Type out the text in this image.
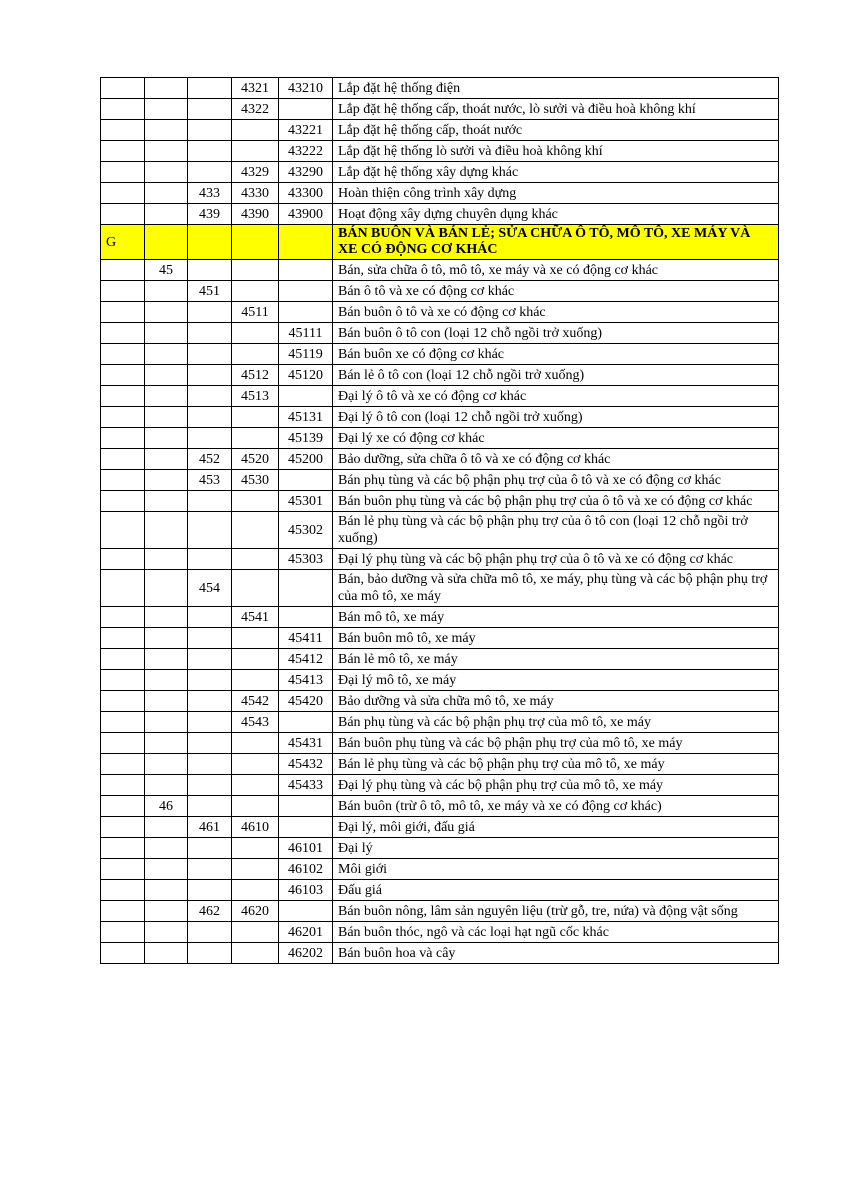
			4321	43210	Lắp đặt hệ thống điện
			4322		Lắp đặt hệ thống cấp, thoát nước, lò sưởi và điều hoà không khí
				43221	Lắp đặt hệ thống cấp, thoát nước
				43222	Lắp đặt hệ thống lò sưởi và điều hoà không khí
			4329	43290	Lắp đặt hệ thống xây dựng khác
		433	4330	43300	Hoàn thiện công trình xây dựng
		439	4390	43900	Hoạt động xây dựng chuyên dụng khác
G					BÁN BUÔN VÀ BÁN LẺ; SỬA CHỮA Ô TÔ, MÔ TÔ, XE MÁY VÀ XE CÓ ĐỘNG CƠ KHÁC
	45				Bán, sửa chữa ô tô, mô tô, xe máy và xe có động cơ khác
		451			Bán ô tô và xe có động cơ khác
			4511		Bán buôn ô tô và xe có động cơ khác
				45111	Bán buôn ô tô con (loại 12 chỗ ngồi trở xuống)
				45119	Bán buôn xe có động cơ khác
			4512	45120	Bán lẻ ô tô con (loại 12 chỗ ngồi trở xuống)
			4513		Đại lý ô tô và xe có động cơ khác
				45131	Đại lý ô tô con (loại 12 chỗ ngồi trở xuống)
				45139	Đại lý xe có động cơ khác
		452	4520	45200	Bảo dưỡng, sửa chữa ô tô và xe có động cơ khác
		453	4530		Bán phụ tùng và các bộ phận phụ trợ của ô tô và xe có động cơ khác
				45301	Bán buôn phụ tùng và các bộ phận phụ trợ của ô tô và xe có động cơ khác
				45302	Bán lẻ phụ tùng và các bộ phận phụ trợ của ô tô con (loại 12 chỗ ngồi trở xuống)
				45303	Đại lý phụ tùng và các bộ phận phụ trợ của ô tô và xe có động cơ khác
		454			Bán, bảo dưỡng và sửa chữa mô tô, xe máy, phụ tùng và các bộ phận phụ trợ của mô tô, xe máy
			4541		Bán mô tô, xe máy
				45411	Bán buôn mô tô, xe máy
				45412	Bán lẻ mô tô, xe máy
				45413	Đại lý mô tô, xe máy
			4542	45420	Bảo dưỡng và sửa chữa mô tô, xe máy
			4543		Bán phụ tùng và các bộ phận phụ trợ của mô tô, xe máy
				45431	Bán buôn phụ tùng và các bộ phận phụ trợ của mô tô, xe máy
				45432	Bán lẻ phụ tùng và các bộ phận phụ trợ của mô tô, xe máy
				45433	Đại lý phụ tùng và các bộ phận phụ trợ của mô tô, xe máy
	46				Bán buôn (trừ ô tô, mô tô, xe máy và xe có động cơ khác)
		461	4610		Đại lý, môi giới, đấu giá
				46101	Đại lý
				46102	Môi giới
				46103	Đấu giá
		462	4620		Bán buôn nông, lâm sản nguyên liệu (trừ gỗ, tre, nứa) và động vật sống
				46201	Bán buôn thóc, ngô và các loại hạt ngũ cốc khác
				46202	Bán buôn hoa và cây
